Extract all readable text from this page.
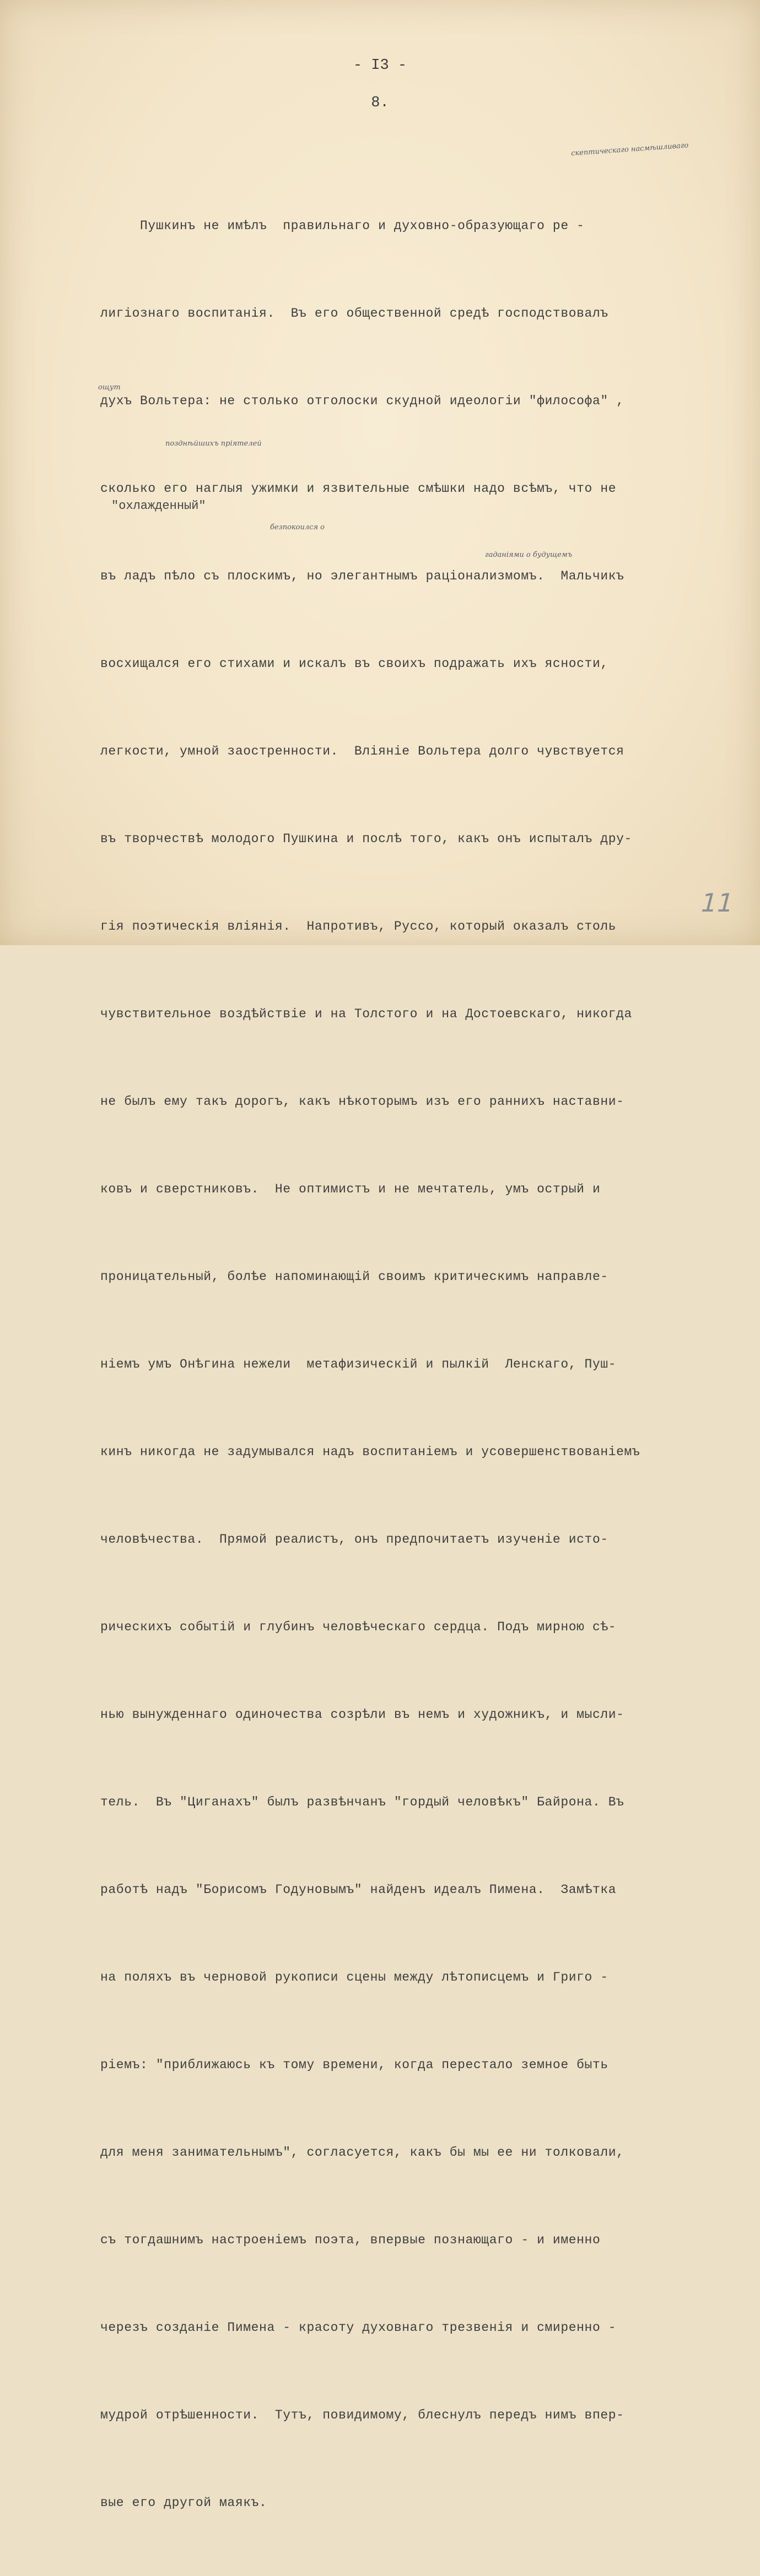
- I3 -
8.

Пушкинъ не имѣлъ  правильнаго и духовно-образующаго ре -

лигiознаго воспитанiя.  Въ его общественной средѣ господствовалъ

духъ Вольтера: не столько отголоски скудной идеологiи "философа" ,

сколько его наглыя ужимки и язвительные смѣшки надо всѣмъ, что не

въ ладъ пѣло съ плоскимъ, но элегантнымъ рацiонализмомъ.  Мальчикъ

восхищался его стихами и искалъ въ своихъ подражать ихъ ясности,

легкости, умной заостренности.  Влiянiе Вольтера долго чувствуется

въ творчествѣ молодого Пушкина и послѣ того, какъ онъ испыталъ дру-

гiя поэтическiя влiянiя.  Напротивъ, Руссо, который оказалъ столь

чувствительное воздѣйствiе и на Толстого и на Достоевскаго, никогда

не былъ ему такъ дорогъ, какъ нѣкоторымъ изъ его раннихъ наставни-

ковъ и сверстниковъ.  Не оптимистъ и не мечтатель, умъ острый и

проницательный, болѣе напоминающiй своимъ критическимъ направле-

нiемъ умъ Онѣгина нежели  метафизическiй и пылкiй  Ленскаго, Пуш-

кинъ никогда не задумывался надъ воспитанiемъ и усовершенствованiемъ

человѣчества.  Прямой реалистъ, онъ предпочитаетъ изученiе исто-

рическихъ событiй и глубинъ человѣческаго сердца. Подъ мирною сѣ-

нью вынужденнаго одиночества созрѣли въ немъ и художникъ, и мысли-

тель.  Въ "Циганахъ" былъ развѣнчанъ "гордый человѣкъ" Байрона. Въ

работѣ надъ "Борисомъ Годуновымъ" найденъ идеалъ Пимена.  Замѣтка

на поляхъ въ черновой рукописи сцены между лѣтописцемъ и Григо -

рiемъ: "приближаюсь къ тому времени, когда перестало земное быть

для меня занимательнымъ", согласуется, какъ бы мы ее ни толковали,

съ тогдашнимъ настроенiемъ поэта, впервые познающаго - и именно

черезъ созданiе Пимена - красоту духовнаго трезвенiя и смиренно -

мудрой отрѣшенности.  Тутъ, повидимому, блеснулъ передъ нимъ впер-

вые его другой маякъ.

скептическаго насмѣшливаго
ощут
позднѣйшихъ пріятелей
"охлажденный"
безпокоился о
гаданiями о будущемъ
11
